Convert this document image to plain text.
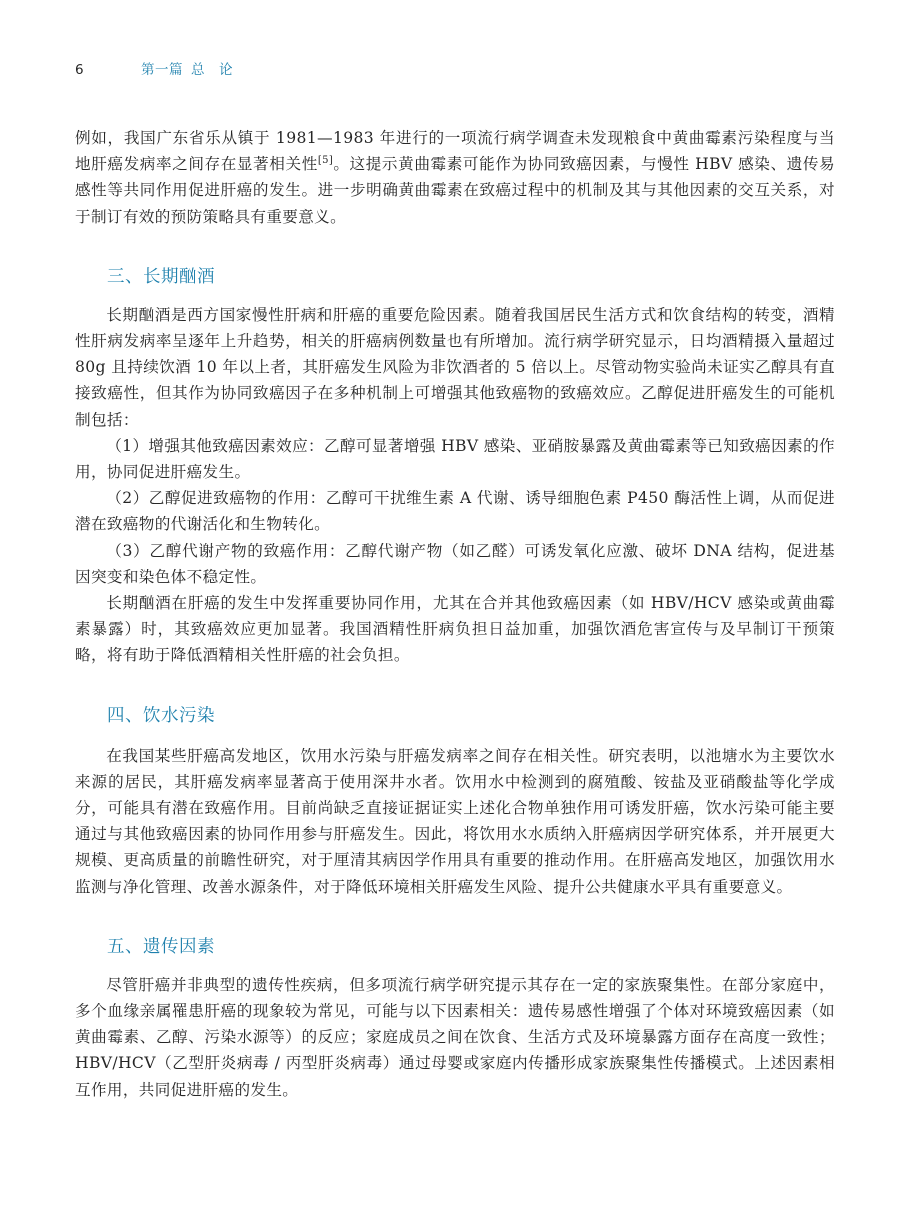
6	第一篇 总　论

例如，我国广东省乐从镇于 1981—1983 年进行的一项流行病学调查未发现粮食中黄曲霉素污染程度与当地肝癌发病率之间存在显著相关性[5]。这提示黄曲霉素可能作为协同致癌因素，与慢性 HBV 感染、遗传易感性等共同作用促进肝癌的发生。进一步明确黄曲霉素在致癌过程中的机制及其与其他因素的交互关系，对于制订有效的预防策略具有重要意义。

三、长期酗酒

长期酗酒是西方国家慢性肝病和肝癌的重要危险因素。随着我国居民生活方式和饮食结构的转变，酒精性肝病发病率呈逐年上升趋势，相关的肝癌病例数量也有所增加。流行病学研究显示，日均酒精摄入量超过 80g 且持续饮酒 10 年以上者，其肝癌发生风险为非饮酒者的 5 倍以上。尽管动物实验尚未证实乙醇具有直接致癌性，但其作为协同致癌因子在多种机制上可增强其他致癌物的致癌效应。乙醇促进肝癌发生的可能机制包括：

（1）增强其他致癌因素效应：乙醇可显著增强 HBV 感染、亚硝胺暴露及黄曲霉素等已知致癌因素的作用，协同促进肝癌发生。

（2）乙醇促进致癌物的作用：乙醇可干扰维生素 A 代谢、诱导细胞色素 P450 酶活性上调，从而促进潜在致癌物的代谢活化和生物转化。

（3）乙醇代谢产物的致癌作用：乙醇代谢产物（如乙醛）可诱发氧化应激、破坏 DNA 结构，促进基因突变和染色体不稳定性。

长期酗酒在肝癌的发生中发挥重要协同作用，尤其在合并其他致癌因素（如 HBV/HCV 感染或黄曲霉素暴露）时，其致癌效应更加显著。我国酒精性肝病负担日益加重，加强饮酒危害宣传与及早制订干预策略，将有助于降低酒精相关性肝癌的社会负担。

四、饮水污染

在我国某些肝癌高发地区，饮用水污染与肝癌发病率之间存在相关性。研究表明，以池塘水为主要饮水来源的居民，其肝癌发病率显著高于使用深井水者。饮用水中检测到的腐殖酸、铵盐及亚硝酸盐等化学成分，可能具有潜在致癌作用。目前尚缺乏直接证据证实上述化合物单独作用可诱发肝癌，饮水污染可能主要通过与其他致癌因素的协同作用参与肝癌发生。因此，将饮用水水质纳入肝癌病因学研究体系，并开展更大规模、更高质量的前瞻性研究，对于厘清其病因学作用具有重要的推动作用。在肝癌高发地区，加强饮用水监测与净化管理、改善水源条件，对于降低环境相关肝癌发生风险、提升公共健康水平具有重要意义。

五、遗传因素

尽管肝癌并非典型的遗传性疾病，但多项流行病学研究提示其存在一定的家族聚集性。在部分家庭中，多个血缘亲属罹患肝癌的现象较为常见，可能与以下因素相关：遗传易感性增强了个体对环境致癌因素（如黄曲霉素、乙醇、污染水源等）的反应；家庭成员之间在饮食、生活方式及环境暴露方面存在高度一致性；HBV/HCV（乙型肝炎病毒 / 丙型肝炎病毒）通过母婴或家庭内传播形成家族聚集性传播模式。上述因素相互作用，共同促进肝癌的发生。
